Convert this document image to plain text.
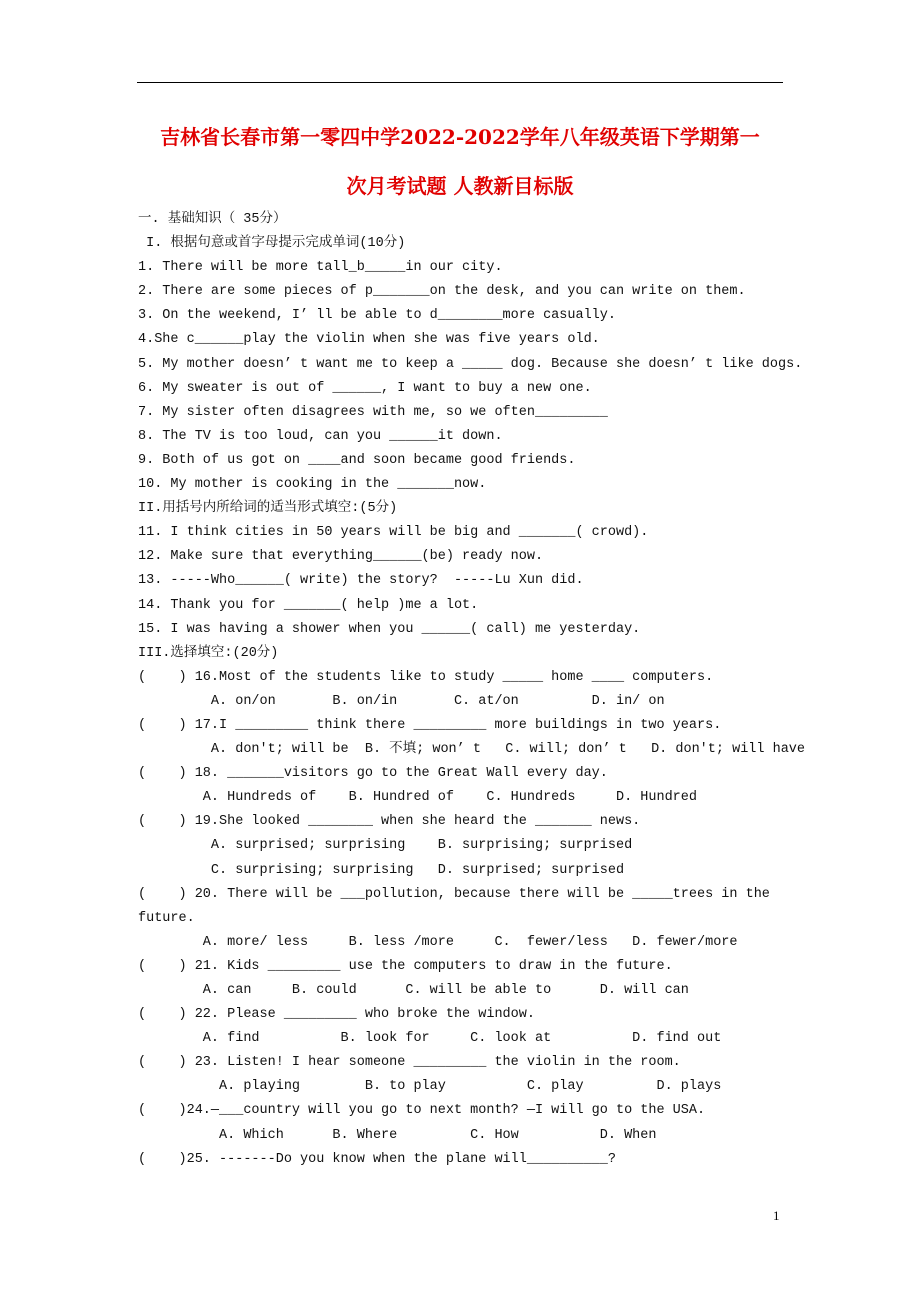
吉林省长春市第一零四中学2022-2022学年八年级英语下学期第一
次月考试题 人教新目标版
一. 基础知识（ 35分）
I. 根据句意或首字母提示完成单词(10分)
1. There will be more tall_b_____in our city.
2. There are some pieces of p_______on the desk, and you can write on them.
3. On the weekend, I’ ll be able to d________more casually.
4.She c______play the violin when she was five years old.
5. My mother doesn’ t want me to keep a _____ dog. Because she doesn’ t like dogs.
6. My sweater is out of ______, I want to buy a new one.
7. My sister often disagrees with me, so we often_________
8. The TV is too loud, can you ______it down.
9. Both of us got on ____and soon became good friends.
10. My mother is cooking in the _______now.
II.用括号内所给词的适当形式填空:(5分)
11. I think cities in 50 years will be big and _______( crowd).
12. Make sure that everything______(be) ready now.
13. -----Who______( write) the story?  -----Lu Xun did.
14. Thank you for _______( help )me a lot.
15. I was having a shower when you ______( call) me yesterday.
III.选择填空:(20分)
(    ) 16.Most of the students like to study _____ home ____ computers.
A. on/on       B. on/in       C. at/on         D. in/ on
(    ) 17.I _________ think there _________ more buildings in two years.
A. don't; will be  B. 不填; won’ t   C. will; don’ t   D. don't; will have
(    ) 18. _______visitors go to the Great Wall every day.
A. Hundreds of    B. Hundred of    C. Hundreds     D. Hundred
(    ) 19.She looked ________ when she heard the _______ news.
A. surprised; surprising    B. surprising; surprised
C. surprising; surprising   D. surprised; surprised
(    ) 20. There will be ___pollution, because there will be _____trees in the
future.
A. more/ less     B. less /more     C.  fewer/less   D. fewer/more
(    ) 21. Kids _________ use the computers to draw in the future.
A. can     B. could      C. will be able to      D. will can
(    ) 22. Please _________ who broke the window.
A. find          B. look for     C. look at          D. find out
(    ) 23. Listen! I hear someone _________ the violin in the room.
A. playing        B. to play          C. play         D. plays
(    )24.—___country will you go to next month? —I will go to the USA.
A. Which      B. Where         C. How          D. When
(    )25. -------Do you know when the plane will__________?
1
